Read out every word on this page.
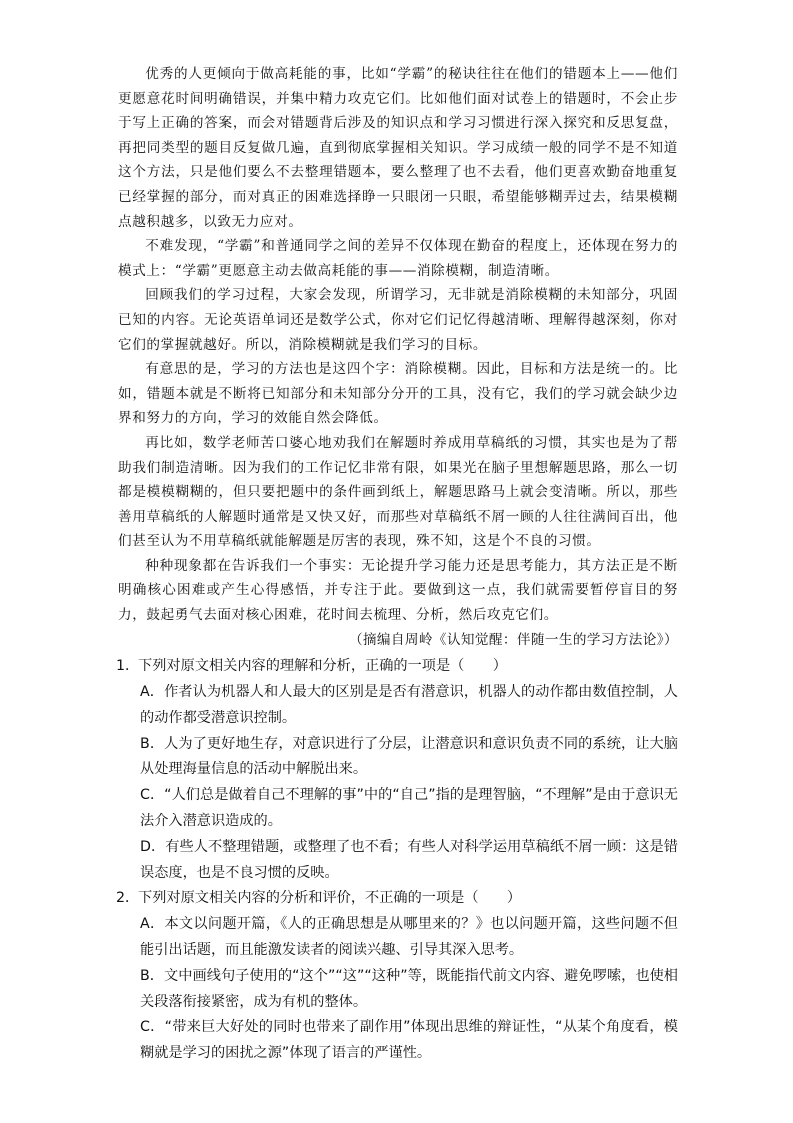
优秀的人更倾向于做高耗能的事，比如“学霸”的秘诀往往在他们的错题本上——他们更愿意花时间明确错误，并集中精力攻克它们。比如他们面对试卷上的错题时，不会止步于写上正确的答案，而会对错题背后涉及的知识点和学习习惯进行深入探究和反思复盘，再把同类型的题目反复做几遍，直到彻底掌握相关知识。学习成绩一般的同学不是不知道这个方法，只是他们要么不去整理错题本，要么整理了也不去看，他们更喜欢勤奋地重复已经掌握的部分，而对真正的困难选择睁一只眼闭一只眼，希望能够糊弄过去，结果模糊点越积越多，以致无力应对。

不难发现，“学霸”和普通同学之间的差异不仅体现在勤奋的程度上，还体现在努力的模式上：“学霸”更愿意主动去做高耗能的事——消除模糊，制造清晰。

回顾我们的学习过程，大家会发现，所谓学习，无非就是消除模糊的未知部分，巩固已知的内容。无论英语单词还是数学公式，你对它们记忆得越清晰、理解得越深刻，你对它们的掌握就越好。所以，消除模糊就是我们学习的目标。

有意思的是，学习的方法也是这四个字：消除模糊。因此，目标和方法是统一的。比如，错题本就是不断将已知部分和未知部分分开的工具，没有它，我们的学习就会缺少边界和努力的方向，学习的效能自然会降低。

再比如，数学老师苦口婆心地劝我们在解题时养成用草稿纸的习惯，其实也是为了帮助我们制造清晰。因为我们的工作记忆非常有限，如果光在脑子里想解题思路，那么一切都是模模糊糊的，但只要把题中的条件画到纸上，解题思路马上就会变清晰。所以，那些善用草稿纸的人解题时通常是又快又好，而那些对草稿纸不屑一顾的人往往满间百出，他们甚至认为不用草稿纸就能解题是厉害的表现，殊不知，这是个不良的习惯。

种种现象都在告诉我们一个事实：无论提升学习能力还是思考能力，其方法正是不断明确核心困难或产生心得感悟，并专注于此。要做到这一点，我们就需要暂停盲目的努力，鼓起勇气去面对核心困难，花时间去梳理、分析，然后攻克它们。

（摘编自周岭《认知觉醒：伴随一生的学习方法论》）

1．下列对原文相关内容的理解和分析，正确的一项是（　　）

A．作者认为机器人和人最大的区别是是否有潜意识，机器人的动作都由数值控制，人的动作都受潜意识控制。

B．人为了更好地生存，对意识进行了分层，让潜意识和意识负责不同的系统，让大脑从处理海量信息的活动中解脱出来。

C．“人们总是做着自己不理解的事”中的“自己”指的是理智脑，“不理解”是由于意识无法介入潜意识造成的。

D．有些人不整理错题，或整理了也不看；有些人对科学运用草稿纸不屑一顾：这是错误态度，也是不良习惯的反映。

2．下列对原文相关内容的分析和评价，不正确的一项是（　　）

A．本文以问题开篇，《人的正确思想是从哪里来的？》也以问题开篇，这些问题不但能引出话题，而且能激发读者的阅读兴趣、引导其深入思考。

B．文中画线句子使用的“这个”“这”“这种”等，既能指代前文内容、避免啰嗦，也使相关段落衔接紧密，成为有机的整体。

C．“带来巨大好处的同时也带来了副作用”体现出思维的辩证性，“从某个角度看，模糊就是学习的困扰之源”体现了语言的严谨性。
